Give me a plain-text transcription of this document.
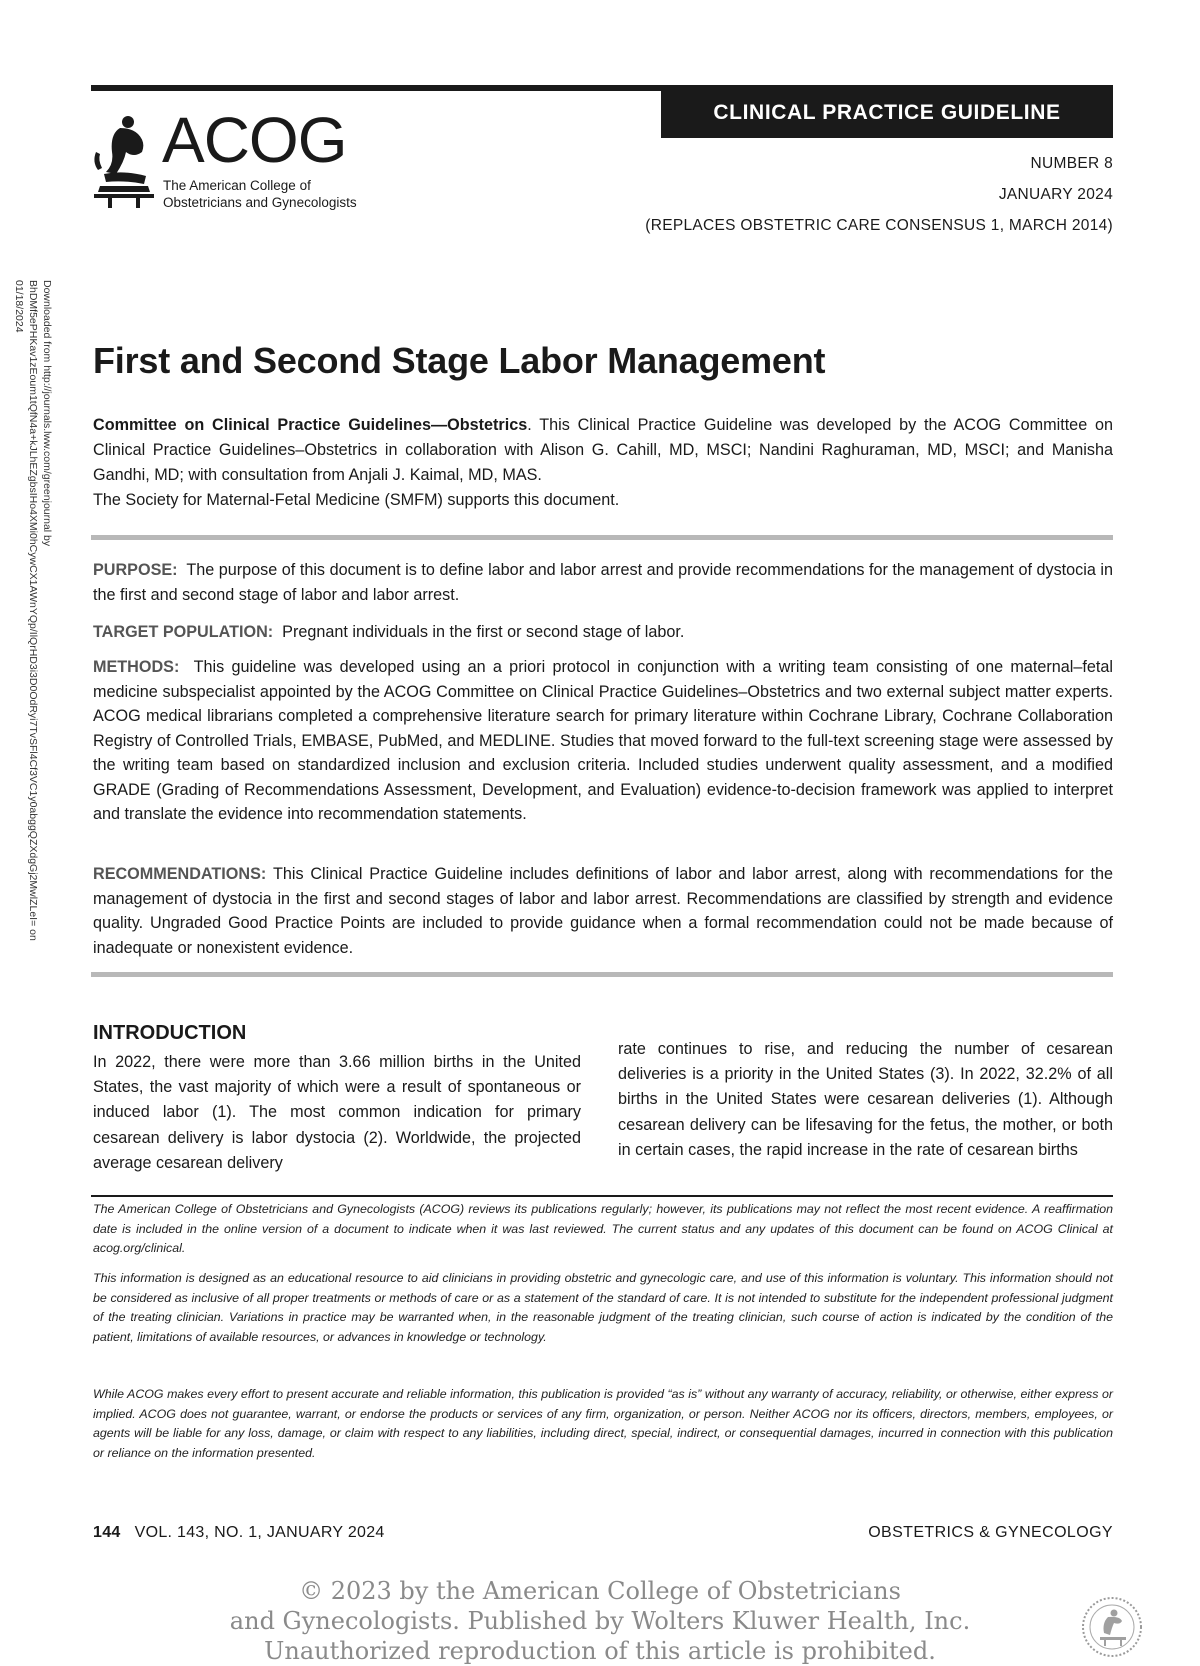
ACOG
The American College of
Obstetricians and Gynecologists
CLINICAL PRACTICE GUIDELINE
NUMBER 8
JANUARY 2024
(REPLACES OBSTETRIC CARE CONSENSUS 1, MARCH 2014)
Downloaded from http://journals.lww.com/greenjournal by BhDMf5ePHKav1zEoum1tQfN4a+kJLhEZgbsIHo4XMi0hCywCX1AWnYQp/IlQrHD3i3D0OdRyi7TvSFl4Cf3VC1y0abggQZXdgGj2MwlZLeI= on 01/18/2024
First and Second Stage Labor Management
Committee on Clinical Practice Guidelines—Obstetrics. This Clinical Practice Guideline was developed by the ACOG Committee on Clinical Practice Guidelines–Obstetrics in collaboration with Alison G. Cahill, MD, MSCI; Nandini Raghuraman, MD, MSCI; and Manisha Gandhi, MD; with consultation from Anjali J. Kaimal, MD, MAS.
The Society for Maternal-Fetal Medicine (SMFM) supports this document.
PURPOSE: The purpose of this document is to define labor and labor arrest and provide recommendations for the management of dystocia in the first and second stage of labor and labor arrest.
TARGET POPULATION: Pregnant individuals in the first or second stage of labor.
METHODS: This guideline was developed using an a priori protocol in conjunction with a writing team consisting of one maternal–fetal medicine subspecialist appointed by the ACOG Committee on Clinical Practice Guidelines–Obstetrics and two external subject matter experts. ACOG medical librarians completed a comprehensive literature search for primary literature within Cochrane Library, Cochrane Collaboration Registry of Controlled Trials, EMBASE, PubMed, and MEDLINE. Studies that moved forward to the full-text screening stage were assessed by the writing team based on standardized inclusion and exclusion criteria. Included studies underwent quality assessment, and a modified GRADE (Grading of Recommendations Assessment, Development, and Evaluation) evidence-to-decision framework was applied to interpret and translate the evidence into recommendation statements.
RECOMMENDATIONS: This Clinical Practice Guideline includes definitions of labor and labor arrest, along with recommendations for the management of dystocia in the first and second stages of labor and labor arrest. Recommendations are classified by strength and evidence quality. Ungraded Good Practice Points are included to provide guidance when a formal recommendation could not be made because of inadequate or nonexistent evidence.
INTRODUCTION
In 2022, there were more than 3.66 million births in the United States, the vast majority of which were a result of spontaneous or induced labor (1). The most common indication for primary cesarean delivery is labor dystocia (2). Worldwide, the projected average cesarean delivery
rate continues to rise, and reducing the number of cesarean deliveries is a priority in the United States (3). In 2022, 32.2% of all births in the United States were cesarean deliveries (1). Although cesarean delivery can be lifesaving for the fetus, the mother, or both in certain cases, the rapid increase in the rate of cesarean births
The American College of Obstetricians and Gynecologists (ACOG) reviews its publications regularly; however, its publications may not reflect the most recent evidence. A reaffirmation date is included in the online version of a document to indicate when it was last reviewed. The current status and any updates of this document can be found on ACOG Clinical at acog.org/clinical.
This information is designed as an educational resource to aid clinicians in providing obstetric and gynecologic care, and use of this information is voluntary. This information should not be considered as inclusive of all proper treatments or methods of care or as a statement of the standard of care. It is not intended to substitute for the independent professional judgment of the treating clinician. Variations in practice may be warranted when, in the reasonable judgment of the treating clinician, such course of action is indicated by the condition of the patient, limitations of available resources, or advances in knowledge or technology.
While ACOG makes every effort to present accurate and reliable information, this publication is provided “as is” without any warranty of accuracy, reliability, or otherwise, either express or implied. ACOG does not guarantee, warrant, or endorse the products or services of any firm, organization, or person. Neither ACOG nor its officers, directors, members, employees, or agents will be liable for any loss, damage, or claim with respect to any liabilities, including direct, special, indirect, or consequential damages, incurred in connection with this publication or reliance on the information presented.
144 VOL. 143, NO. 1, JANUARY 2024	OBSTETRICS & GYNECOLOGY
© 2023 by the American College of Obstetricians
and Gynecologists. Published by Wolters Kluwer Health, Inc.
Unauthorized reproduction of this article is prohibited.
